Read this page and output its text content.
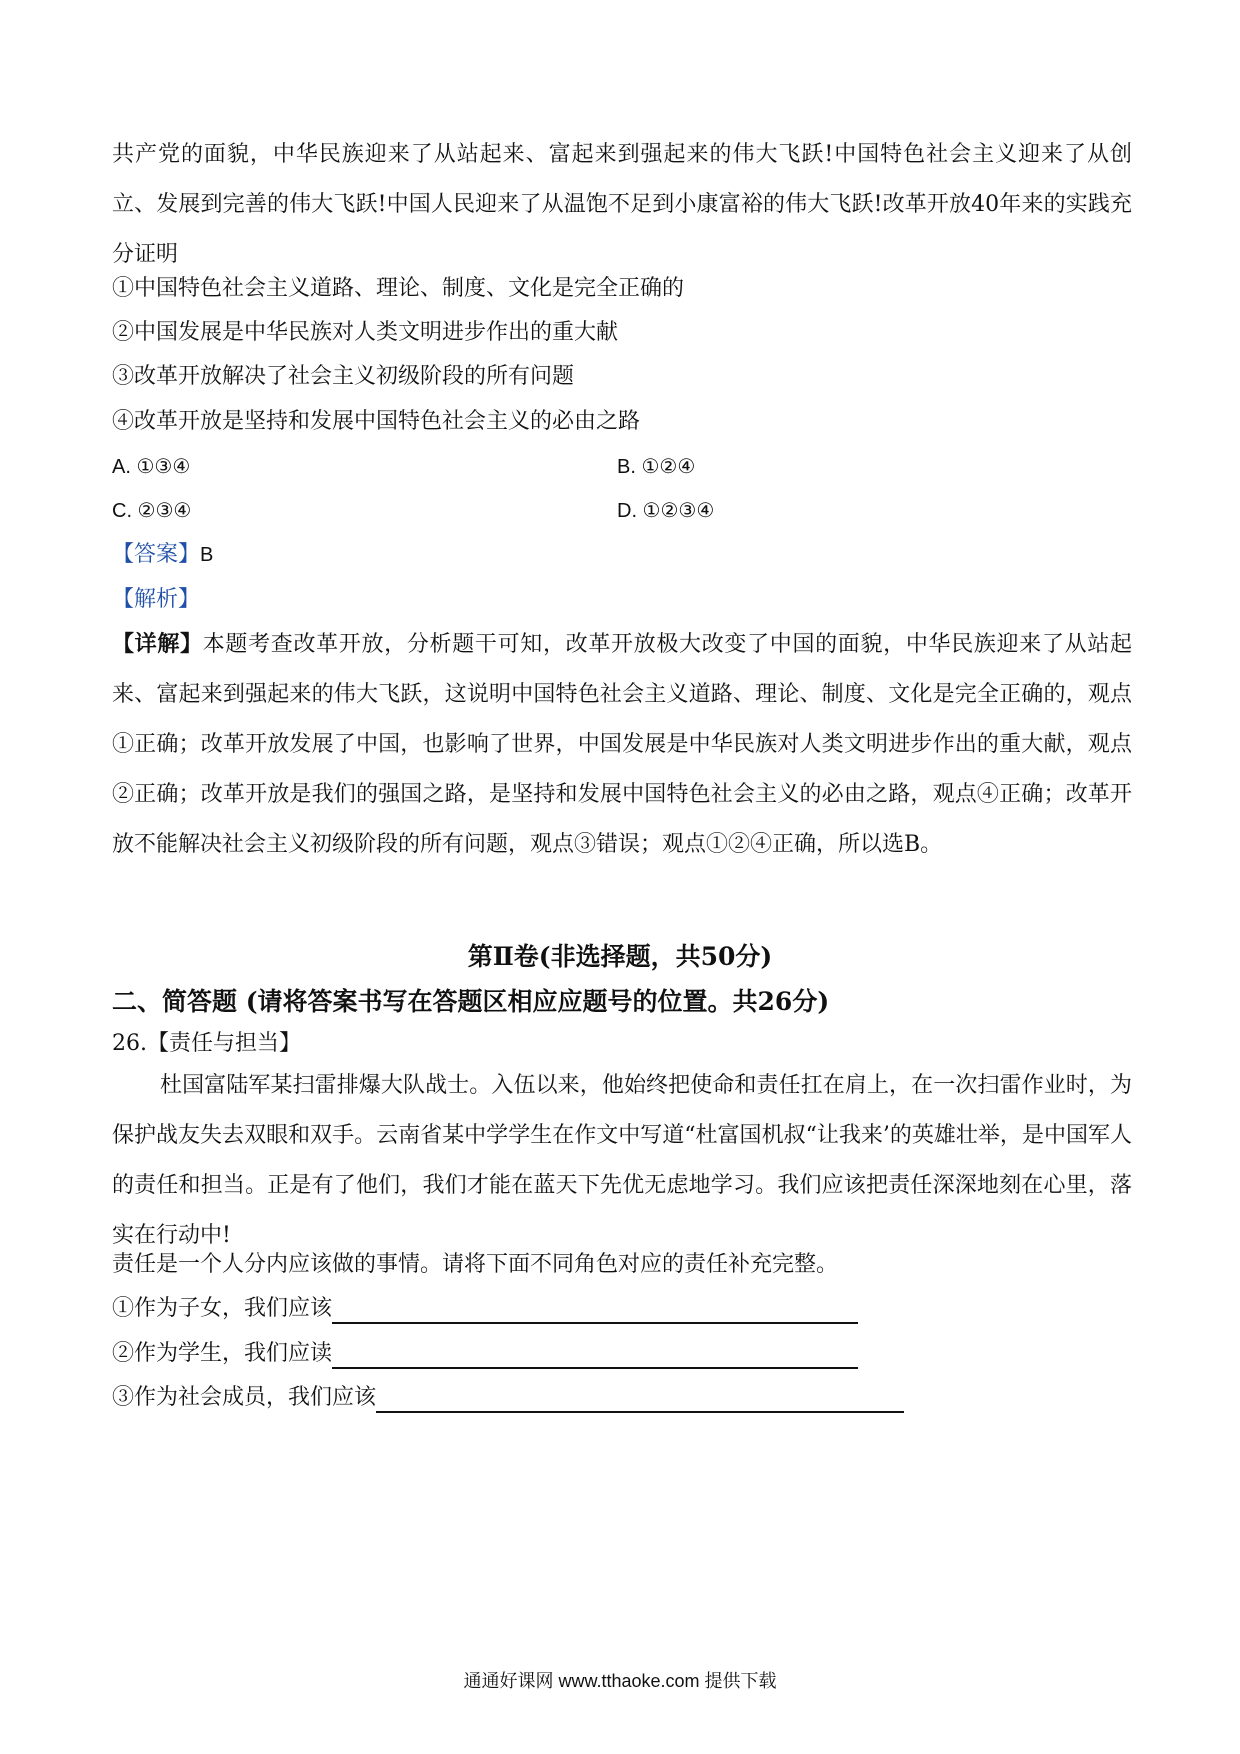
共产党的面貌，中华民族迎来了从站起来、富起来到强起来的伟大飞跃!中国特色社会主义迎来了从创立、发展到完善的伟大飞跃!中国人民迎来了从温饱不足到小康富裕的伟大飞跃!改革开放40年来的实践充分证明
①中国特色社会主义道路、理论、制度、文化是完全正确的
②中国发展是中华民族对人类文明进步作出的重大献
③改革开放解决了社会主义初级阶段的所有问题
④改革开放是坚持和发展中国特色社会主义的必由之路
A. ①③④	B. ①②④
C. ②③④	D. ①②③④
【答案】B
【解析】
【详解】本题考查改革开放，分析题干可知，改革开放极大改变了中国的面貌，中华民族迎来了从站起来、富起来到强起来的伟大飞跃，这说明中国特色社会主义道路、理论、制度、文化是完全正确的，观点①正确；改革开放发展了中国，也影响了世界，中国发展是中华民族对人类文明进步作出的重大献，观点②正确；改革开放是我们的强国之路，是坚持和发展中国特色社会主义的必由之路，观点④正确；改革开放不能解决社会主义初级阶段的所有问题，观点③错误；观点①②④正确，所以选B。
第Ⅱ卷(非选择题，共50分)
二、简答题 (请将答案书写在答题区相应应题号的位置。共26分)
26.【责任与担当】
杜国富陆军某扫雷排爆大队战士。入伍以来，他始终把使命和责任扛在肩上，在一次扫雷作业时，为保护战友失去双眼和双手。云南省某中学学生在作文中写道“杜富国机叔“让我来’的英雄壮举，是中国军人的责任和担当。正是有了他们，我们才能在蓝天下先优无虑地学习。我们应该把责任深深地刻在心里，落实在行动中!
责任是一个人分内应该做的事情。请将下面不同角色对应的责任补充完整。
①作为子女，我们应该
②作为学生，我们应读
③作为社会成员，我们应该
通通好课网 www.tthaoke.com 提供下载
